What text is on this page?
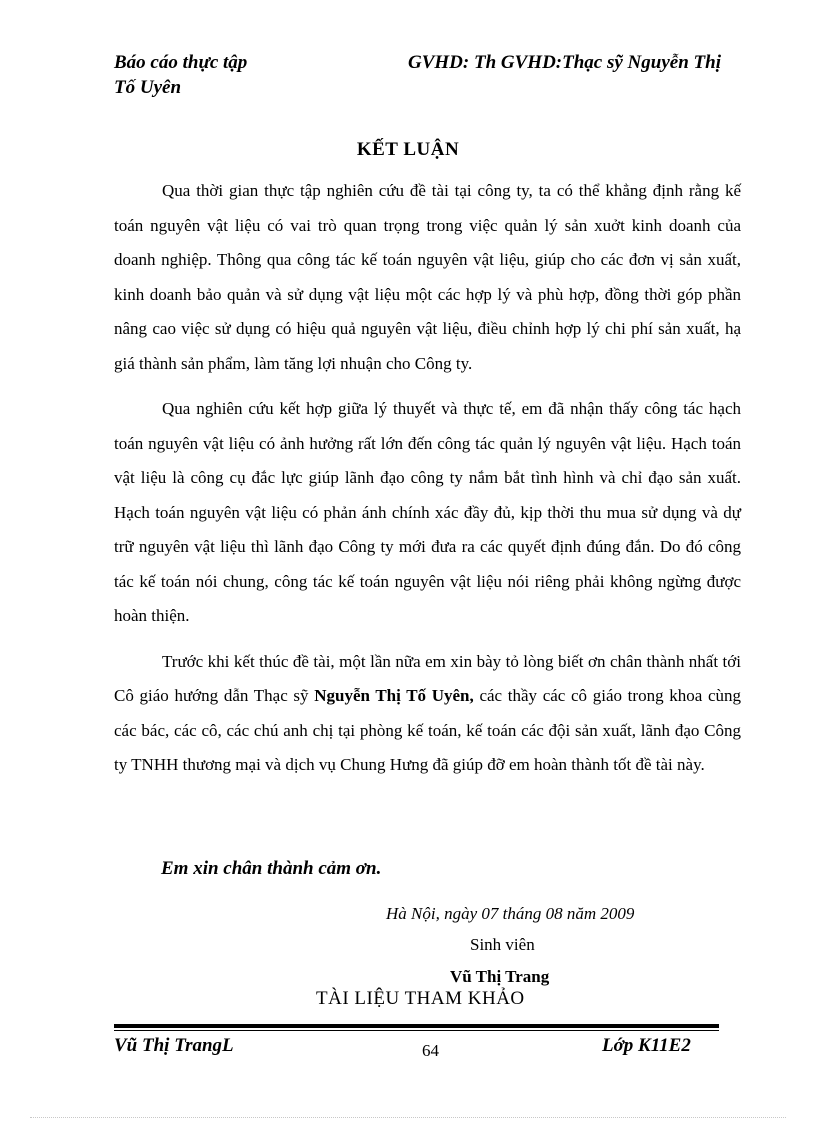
Báo cáo thực tập
Tố Uyên
GVHD: Th GVHD:Thạc sỹ Nguyễn Thị
KẾT LUẬN

Qua thời gian thực tập nghiên cứu đề tài tại công ty, ta có thể khẳng định rằng kế toán nguyên vật liệu có vai trò quan trọng trong việc quản lý sản xuởt kinh doanh của doanh nghiệp. Thông qua công tác kế toán nguyên vật liệu, giúp cho các đơn vị sản xuất, kinh doanh bảo quản và sử dụng vật liệu một các hợp lý và phù hợp, đồng thời góp phần nâng cao việc sử dụng có hiệu quả nguyên vật liệu, điều chỉnh hợp lý chi phí sản xuất, hạ giá thành sản phẩm, làm tăng lợi nhuận cho Công ty.

Qua nghiên cứu kết hợp giữa lý thuyết và thực tế, em đã nhận thấy công tác hạch toán nguyên vật liệu có ảnh hưởng rất lớn đến công tác quản lý nguyên vật liệu. Hạch toán vật liệu là công cụ đắc lực giúp lãnh đạo công ty nắm bắt tình hình và chỉ đạo sản xuất. Hạch toán nguyên vật liệu có phản ánh chính xác đầy đủ, kịp thời thu mua sử dụng và dự trữ nguyên vật liệu thì lãnh đạo Công ty mới đưa ra các quyết định đúng đắn. Do đó công tác kế toán nói chung, công tác kế toán nguyên vật liệu nói riêng phải không ngừng được hoàn thiện.

Trước khi kết thúc đề tài, một lần nữa em xin bày tỏ lòng biết ơn chân thành nhất tới Cô giáo hướng dẫn Thạc sỹ Nguyễn Thị Tố Uyên, các thầy các cô giáo trong khoa cùng các bác, các cô, các chú anh chị tại phòng kế toán, kế toán các đội sản xuất, lãnh đạo Công ty TNHH thương mại và dịch vụ Chung Hưng đã giúp đỡ em hoàn thành tốt đề tài này.

Em xin chân thành cảm ơn.
Hà Nội, ngày 07 tháng 08 năm 2009
Sinh viên
Vũ Thị Trang
TÀI LIỆU THAM KHẢO
Vũ Thị TrangL	64	Lớp K11E2
